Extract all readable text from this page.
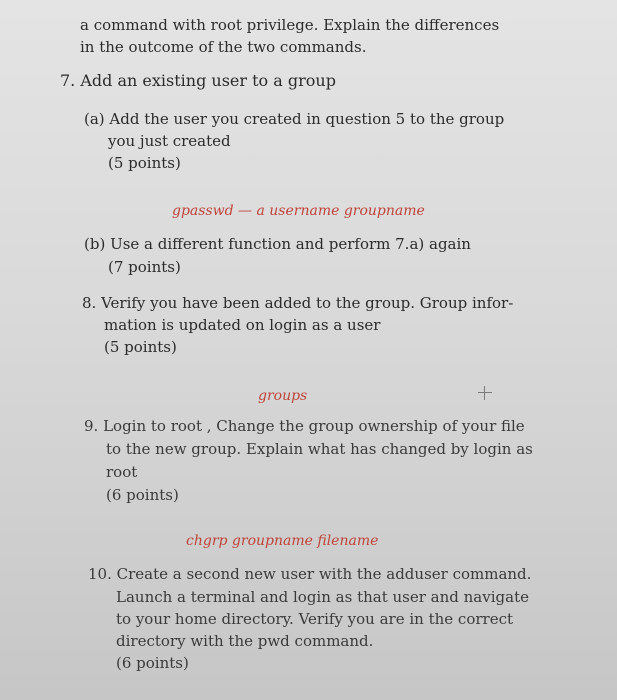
a command with root privilege. Explain the differences
in the outcome of the two commands.
7. Add an existing user to a group
(a) Add the user you created in question 5 to the group
you just created
(5 points)
gpasswd — a username groupname
(b) Use a different function and perform 7.a) again
(7 points)
8. Verify you have been added to the group. Group infor-
mation is updated on login as a user
(5 points)
groups
9. Login to root , Change the group ownership of your file
to the new group. Explain what has changed by login as
root
(6 points)
chgrp groupname filename
10. Create a second new user with the adduser command.
Launch a terminal and login as that user and navigate
to your home directory. Verify you are in the correct
directory with the pwd command.
(6 points)
